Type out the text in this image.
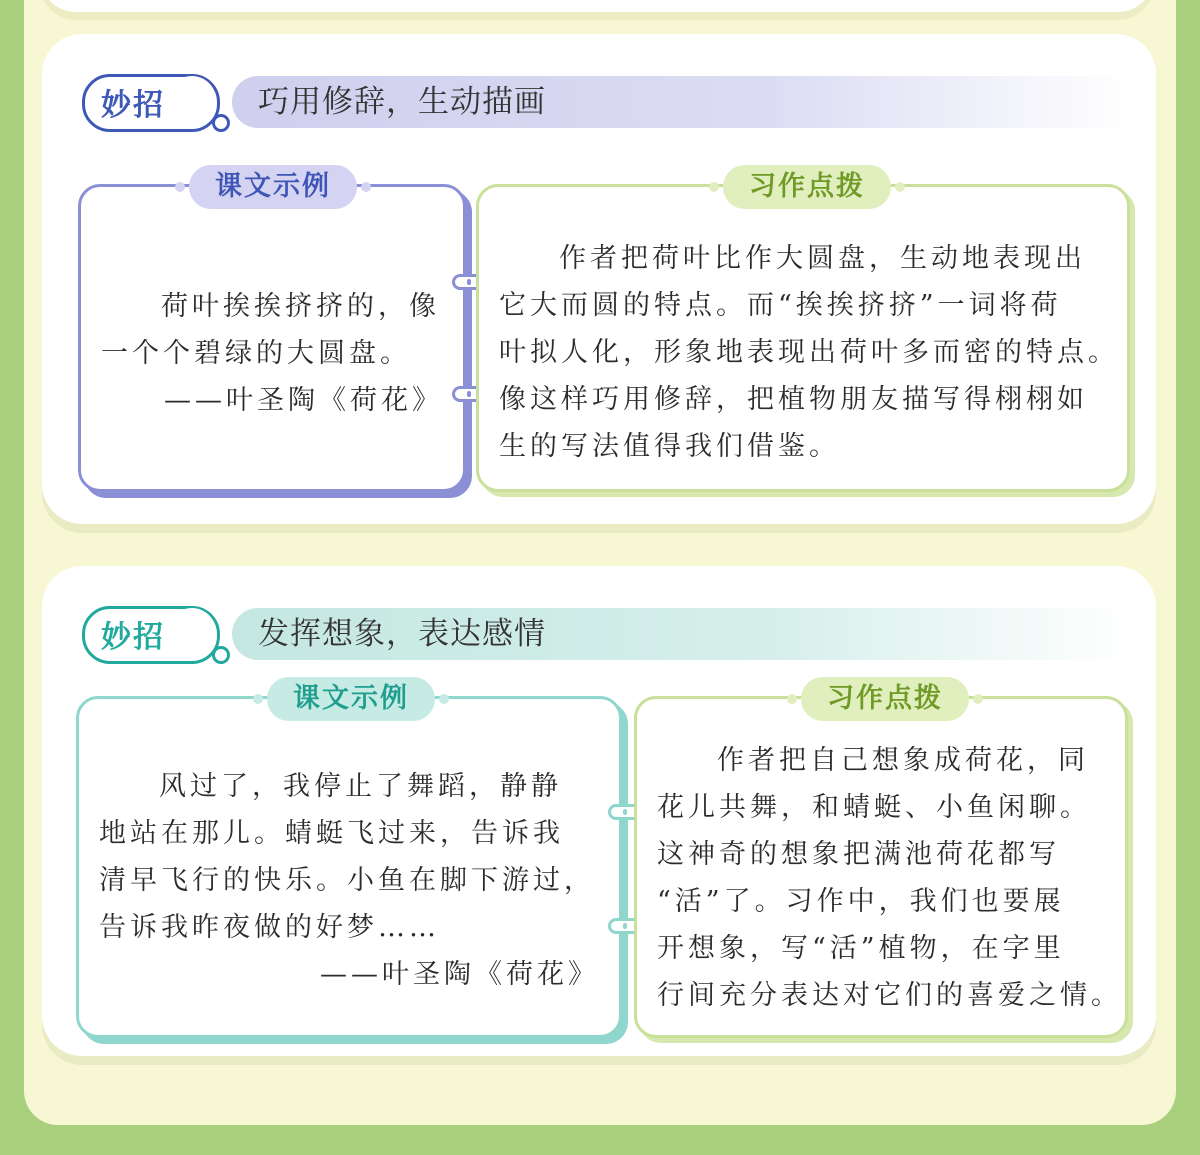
巧用修辞，生动描画
妙招 二
课文示例
荷叶挨挨挤挤的，像
一个个碧绿的大圆盘。
——叶圣陶《荷花》
习作点拨
作者把荷叶比作大圆盘，生动地表现出
它大而圆的特点。而“挨挨挤挤”一词将荷
叶拟人化，形象地表现出荷叶多而密的特点。
像这样巧用修辞，把植物朋友描写得栩栩如
生的写法值得我们借鉴。
发挥想象，表达感情
妙招 三
课文示例
风过了，我停止了舞蹈，静静
地站在那儿。蜻蜓飞过来，告诉我
清早飞行的快乐。小鱼在脚下游过，
告诉我昨夜做的好梦……
——叶圣陶《荷花》
习作点拨
作者把自己想象成荷花，同
花儿共舞，和蜻蜓、小鱼闲聊。
这神奇的想象把满池荷花都写
“活”了。习作中，我们也要展
开想象，写“活”植物，在字里
行间充分表达对它们的喜爱之情。
